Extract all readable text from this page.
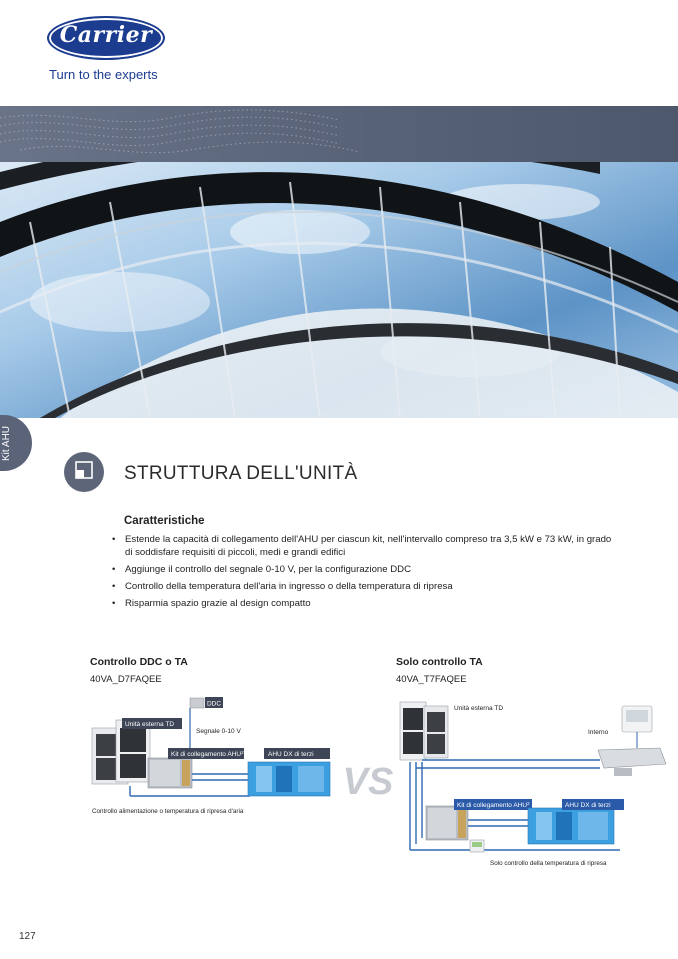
Carrier
Turn to the experts
Kit AHU
STRUTTURA DELL'UNITÀ
Caratteristiche
• Estende la capacità di collegamento dell'AHU per ciascun kit, nell'intervallo compreso tra 3,5 kW e 73 kW, in grado di soddisfare requisiti di piccoli, medi e grandi edifici
• Aggiunge il controllo del segnale 0-10 V, per la configurazione DDC
• Controllo della temperatura dell'aria in ingresso o della temperatura di ripresa
• Risparmia spazio grazie al design compatto
Controllo DDC o TA
40VA_D7FAQEE
Solo controllo TA
40VA_T7FAQEE
DDC
Unità esterna TD
Segnale 0-10 V
Kit di collegamento AHU$^2$	AHU DX di terzi
Controllo alimentazione o temperatura di ripresa d'aria
VS
Unità esterna TD
Interno
Kit di collegamento AHU$^2$	AHU DX di terzi
Solo controllo della temperatura di ripresa
127
